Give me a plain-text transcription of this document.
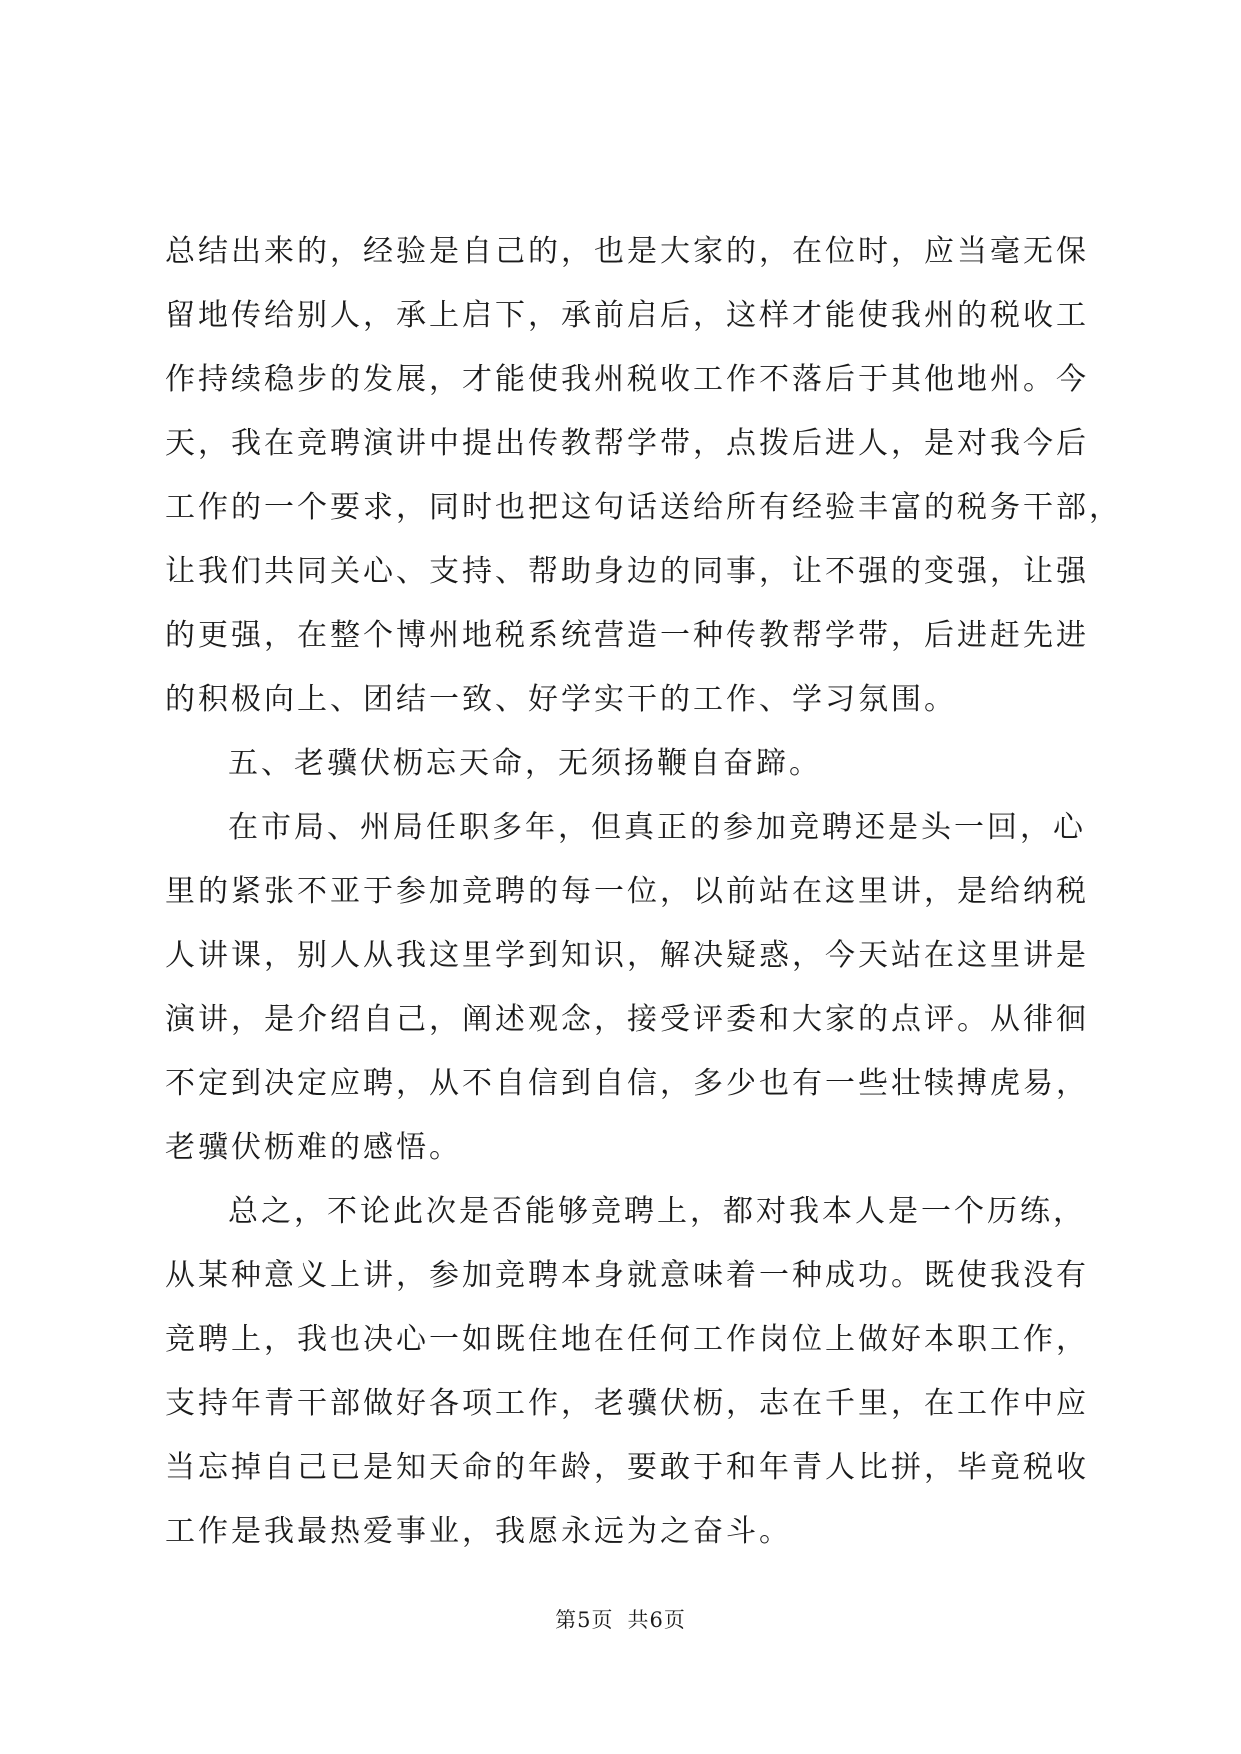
总结出来的，经验是自己的，也是大家的，在位时，应当毫无保
留地传给别人，承上启下，承前启后，这样才能使我州的税收工
作持续稳步的发展，才能使我州税收工作不落后于其他地州。今
天，我在竞聘演讲中提出传教帮学带，点拨后进人，是对我今后
工作的一个要求，同时也把这句话送给所有经验丰富的税务干部，
让我们共同关心、支持、帮助身边的同事，让不强的变强，让强
的更强，在整个博州地税系统营造一种传教帮学带，后进赶先进
的积极向上、团结一致、好学实干的工作、学习氛围。
五、老骥伏枥忘天命，无须扬鞭自奋蹄。
在市局、州局任职多年，但真正的参加竞聘还是头一回，心
里的紧张不亚于参加竞聘的每一位，以前站在这里讲，是给纳税
人讲课，别人从我这里学到知识，解决疑惑，今天站在这里讲是
演讲，是介绍自己，阐述观念，接受评委和大家的点评。从徘徊
不定到决定应聘，从不自信到自信，多少也有一些壮犊搏虎易，
老骥伏枥难的感悟。
总之，不论此次是否能够竞聘上，都对我本人是一个历练，
从某种意义上讲，参加竞聘本身就意味着一种成功。既使我没有
竞聘上，我也决心一如既住地在任何工作岗位上做好本职工作，
支持年青干部做好各项工作，老骥伏枥，志在千里，在工作中应
当忘掉自己已是知天命的年龄，要敢于和年青人比拼，毕竟税收
工作是我最热爱事业，我愿永远为之奋斗。
第5页 共6页
